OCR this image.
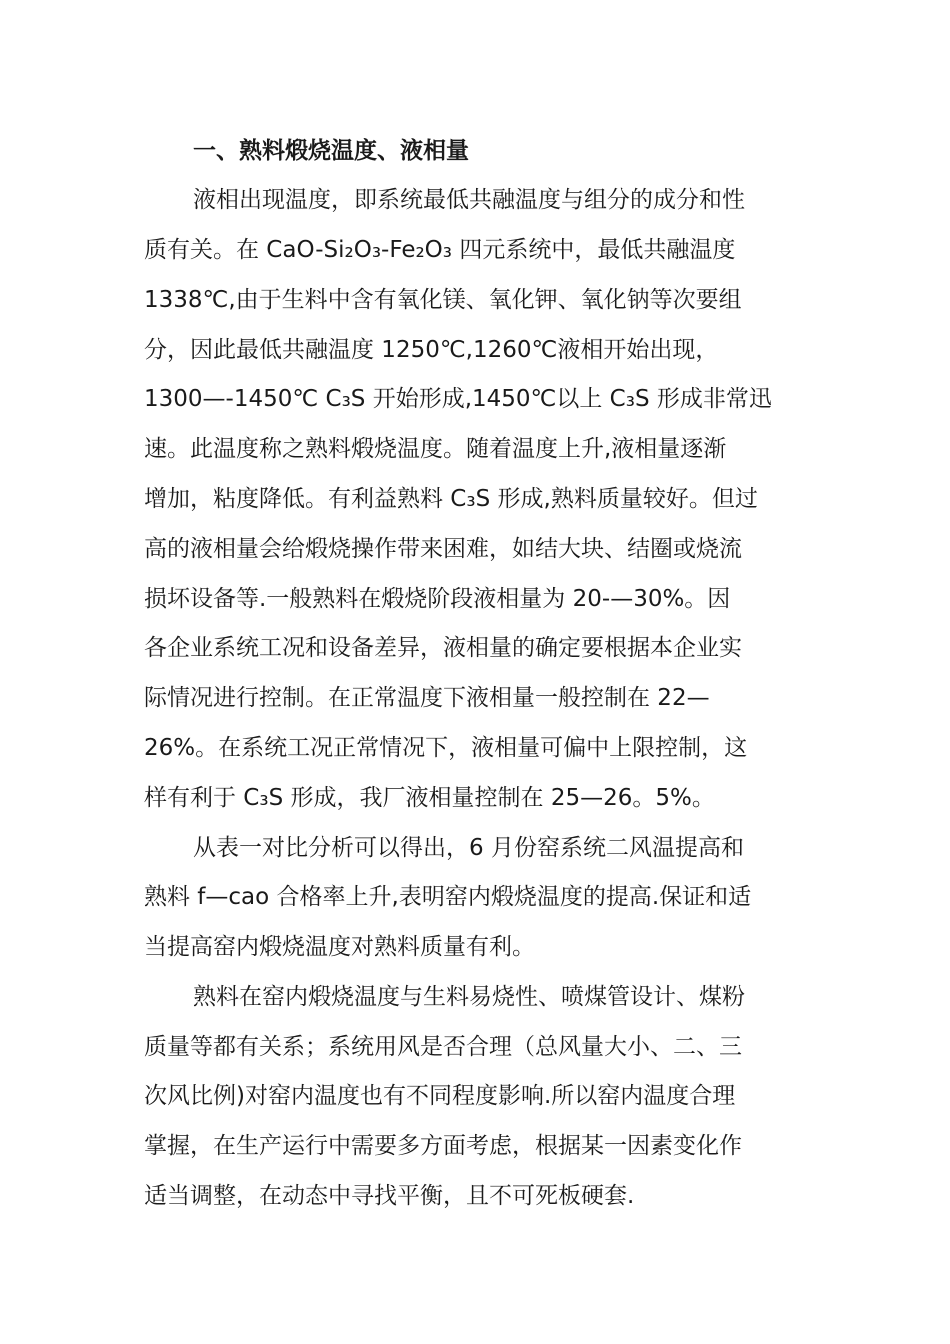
一、熟料煅烧温度、液相量
液相出现温度，即系统最低共融温度与组分的成分和性
质有关。在 CaO-Si₂O₃-Fe₂O₃ 四元系统中，最低共融温度
1338℃,由于生料中含有氧化镁、氧化钾、氧化钠等次要组
分，因此最低共融温度 1250℃,1260℃液相开始出现，
1300—-1450℃ C₃S 开始形成,1450℃以上 C₃S 形成非常迅
速。此温度称之熟料煅烧温度。随着温度上升,液相量逐渐
增加，粘度降低。有利益熟料 C₃S 形成,熟料质量较好。但过
高的液相量会给煅烧操作带来困难，如结大块、结圈或烧流
损坏设备等.一般熟料在煅烧阶段液相量为 20-—30%。因
各企业系统工况和设备差异，液相量的确定要根据本企业实
际情况进行控制。在正常温度下液相量一般控制在 22—
26%。在系统工况正常情况下，液相量可偏中上限控制，这
样有利于 C₃S 形成，我厂液相量控制在 25—26。5%。
从表一对比分析可以得出，6 月份窑系统二风温提高和
熟料 f—cao 合格率上升,表明窑内煅烧温度的提高.保证和适
当提高窑内煅烧温度对熟料质量有利。
熟料在窑内煅烧温度与生料易烧性、喷煤管设计、煤粉
质量等都有关系；系统用风是否合理（总风量大小、二、三
次风比例)对窑内温度也有不同程度影响.所以窑内温度合理
掌握，在生产运行中需要多方面考虑，根据某一因素变化作
适当调整，在动态中寻找平衡，且不可死板硬套.
